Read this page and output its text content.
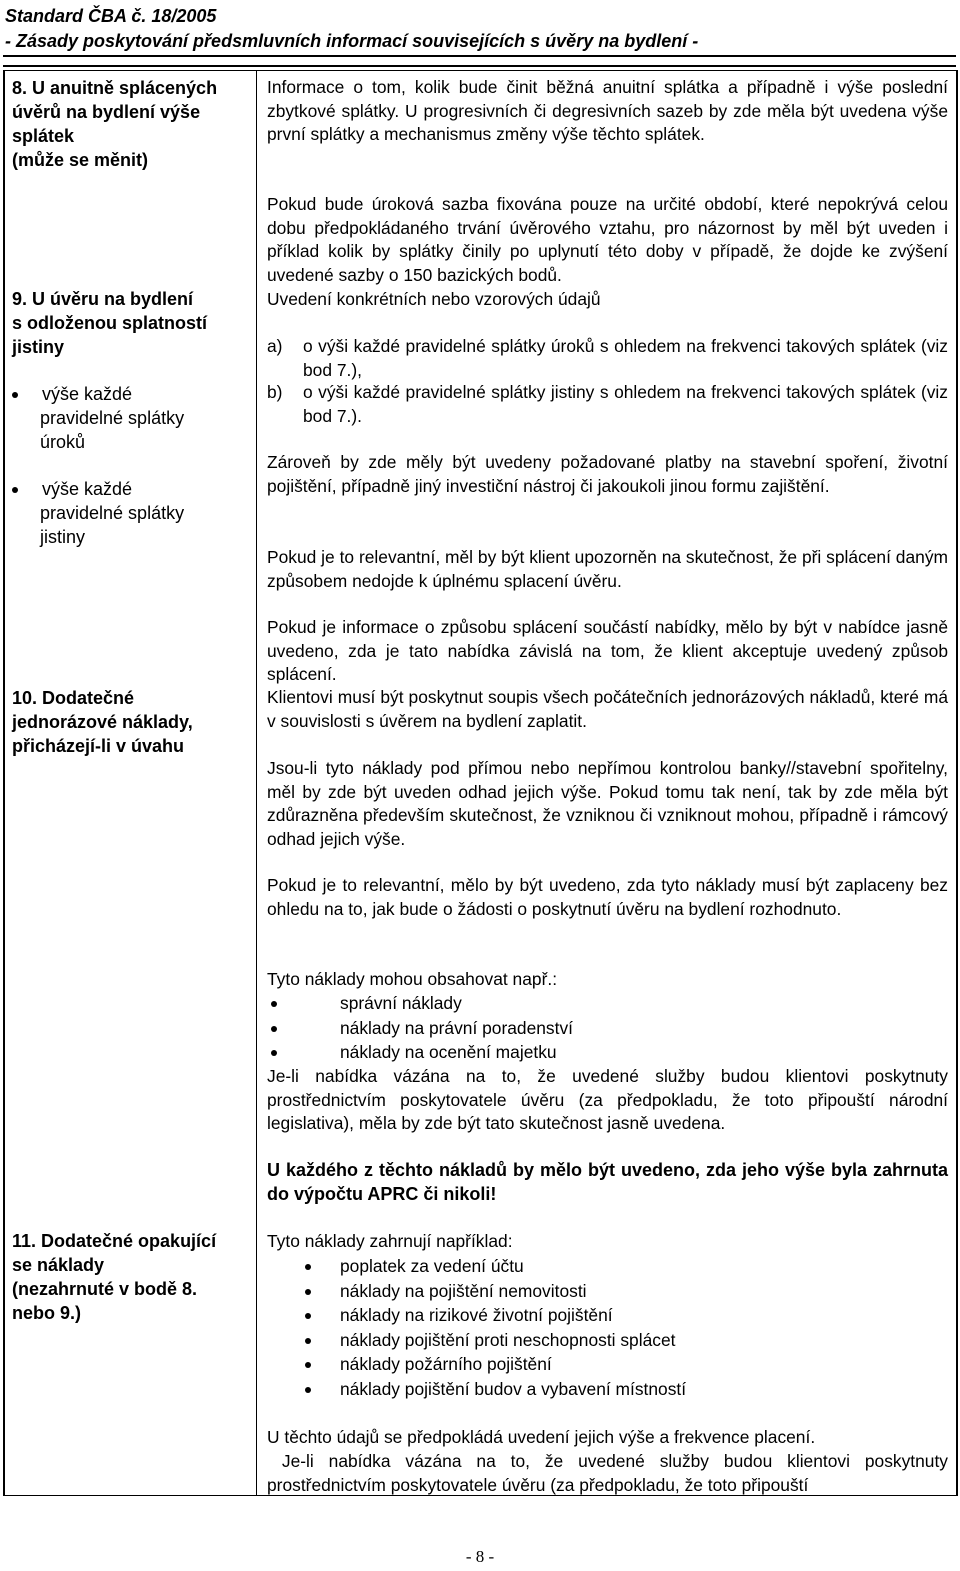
Standard ČBA č. 18/2005
- Zásady poskytování předsmluvních informací souvisejících s úvěry na bydlení -
8. U anuitně splácených
úvěrů na bydlení výše
splátek
(může se měnit)

Informace o tom, kolik bude činit běžná anuitní splátka a případně i výše poslední zbytkové splátky. U progresivních či degresivních sazeb by zde měla být uvedena výše první splátky a mechanismus změny výše těchto splátek.

Pokud bude úroková sazba fixována pouze na určité období, které nepokrývá celou dobu předpokládaného trvání úvěrového vztahu, pro názornost by měl být uveden i příklad kolik by splátky činily po uplynutí této doby v případě, že dojde ke zvýšení uvedené sazby o 150 bazických bodů.

9. U úvěru na bydlení
s odloženou splatností
jistiny
výše každé
pravidelné splátky
úroků
výše každé
pravidelné splátky
jistiny

Uvedení konkrétních nebo vzorových údajů

a)	o výši každé pravidelné splátky úroků s ohledem na frekvenci takových splátek (viz bod 7.),

b)	o výši každé pravidelné splátky jistiny s ohledem na frekvenci takových splátek (viz bod 7.).

Zároveň by zde měly být uvedeny požadované platby na stavební spoření, životní pojištění, případně jiný investiční nástroj či jakoukoli jinou formu zajištění.

Pokud je to relevantní, měl by být klient upozorněn na skutečnost, že při splácení daným způsobem nedojde k úplnému splacení úvěru.

Pokud je informace o způsobu splácení součástí nabídky, mělo by být v nabídce jasně uvedeno, zda je tato nabídka závislá na tom, že klient akceptuje uvedený způsob splácení.

10. Dodatečné
jednorázové náklady,
přicházejí-li v úvahu

Klientovi musí být poskytnut soupis všech počátečních jednorázových nákladů, které má v souvislosti s úvěrem na bydlení zaplatit.

Jsou-li tyto náklady pod přímou nebo nepřímou kontrolou banky//stavební spořitelny, měl by zde být uveden odhad jejich výše. Pokud tomu tak není, tak by zde měla být zdůrazněna především skutečnost, že vzniknou či vzniknout mohou, případně i rámcový odhad jejich výše.

Pokud je to relevantní, mělo by být uvedeno, zda tyto náklady musí být zaplaceny bez ohledu na to, jak bude o žádosti o poskytnutí úvěru na bydlení rozhodnuto.

Tyto náklady mohou obsahovat např.:

správní náklady
náklady na právní poradenství
náklady na ocenění majetku

Je-li nabídka vázána na to, že uvedené služby budou klientovi poskytnuty prostřednictvím poskytovatele úvěru (za předpokladu, že toto připouští národní legislativa), měla by zde být tato skutečnost jasně uvedena.

U každého z těchto nákladů by mělo být uvedeno, zda jeho výše byla zahrnuta do výpočtu APRC či nikoli!

11. Dodatečné opakující
se náklady
(nezahrnuté v bodě 8.
nebo 9.)

Tyto náklady zahrnují například:

poplatek za vedení účtu
náklady na pojištění nemovitosti
náklady na rizikové životní pojištění
náklady pojištění proti neschopnosti splácet
náklady požárního pojištění
náklady pojištění budov a vybavení místností

U těchto údajů se předpokládá uvedení jejich výše a frekvence placení.

Je-li nabídka vázána na to, že uvedené služby budou klientovi poskytnuty prostřednictvím poskytovatele úvěru (za předpokladu, že toto připouští

- 8 -
